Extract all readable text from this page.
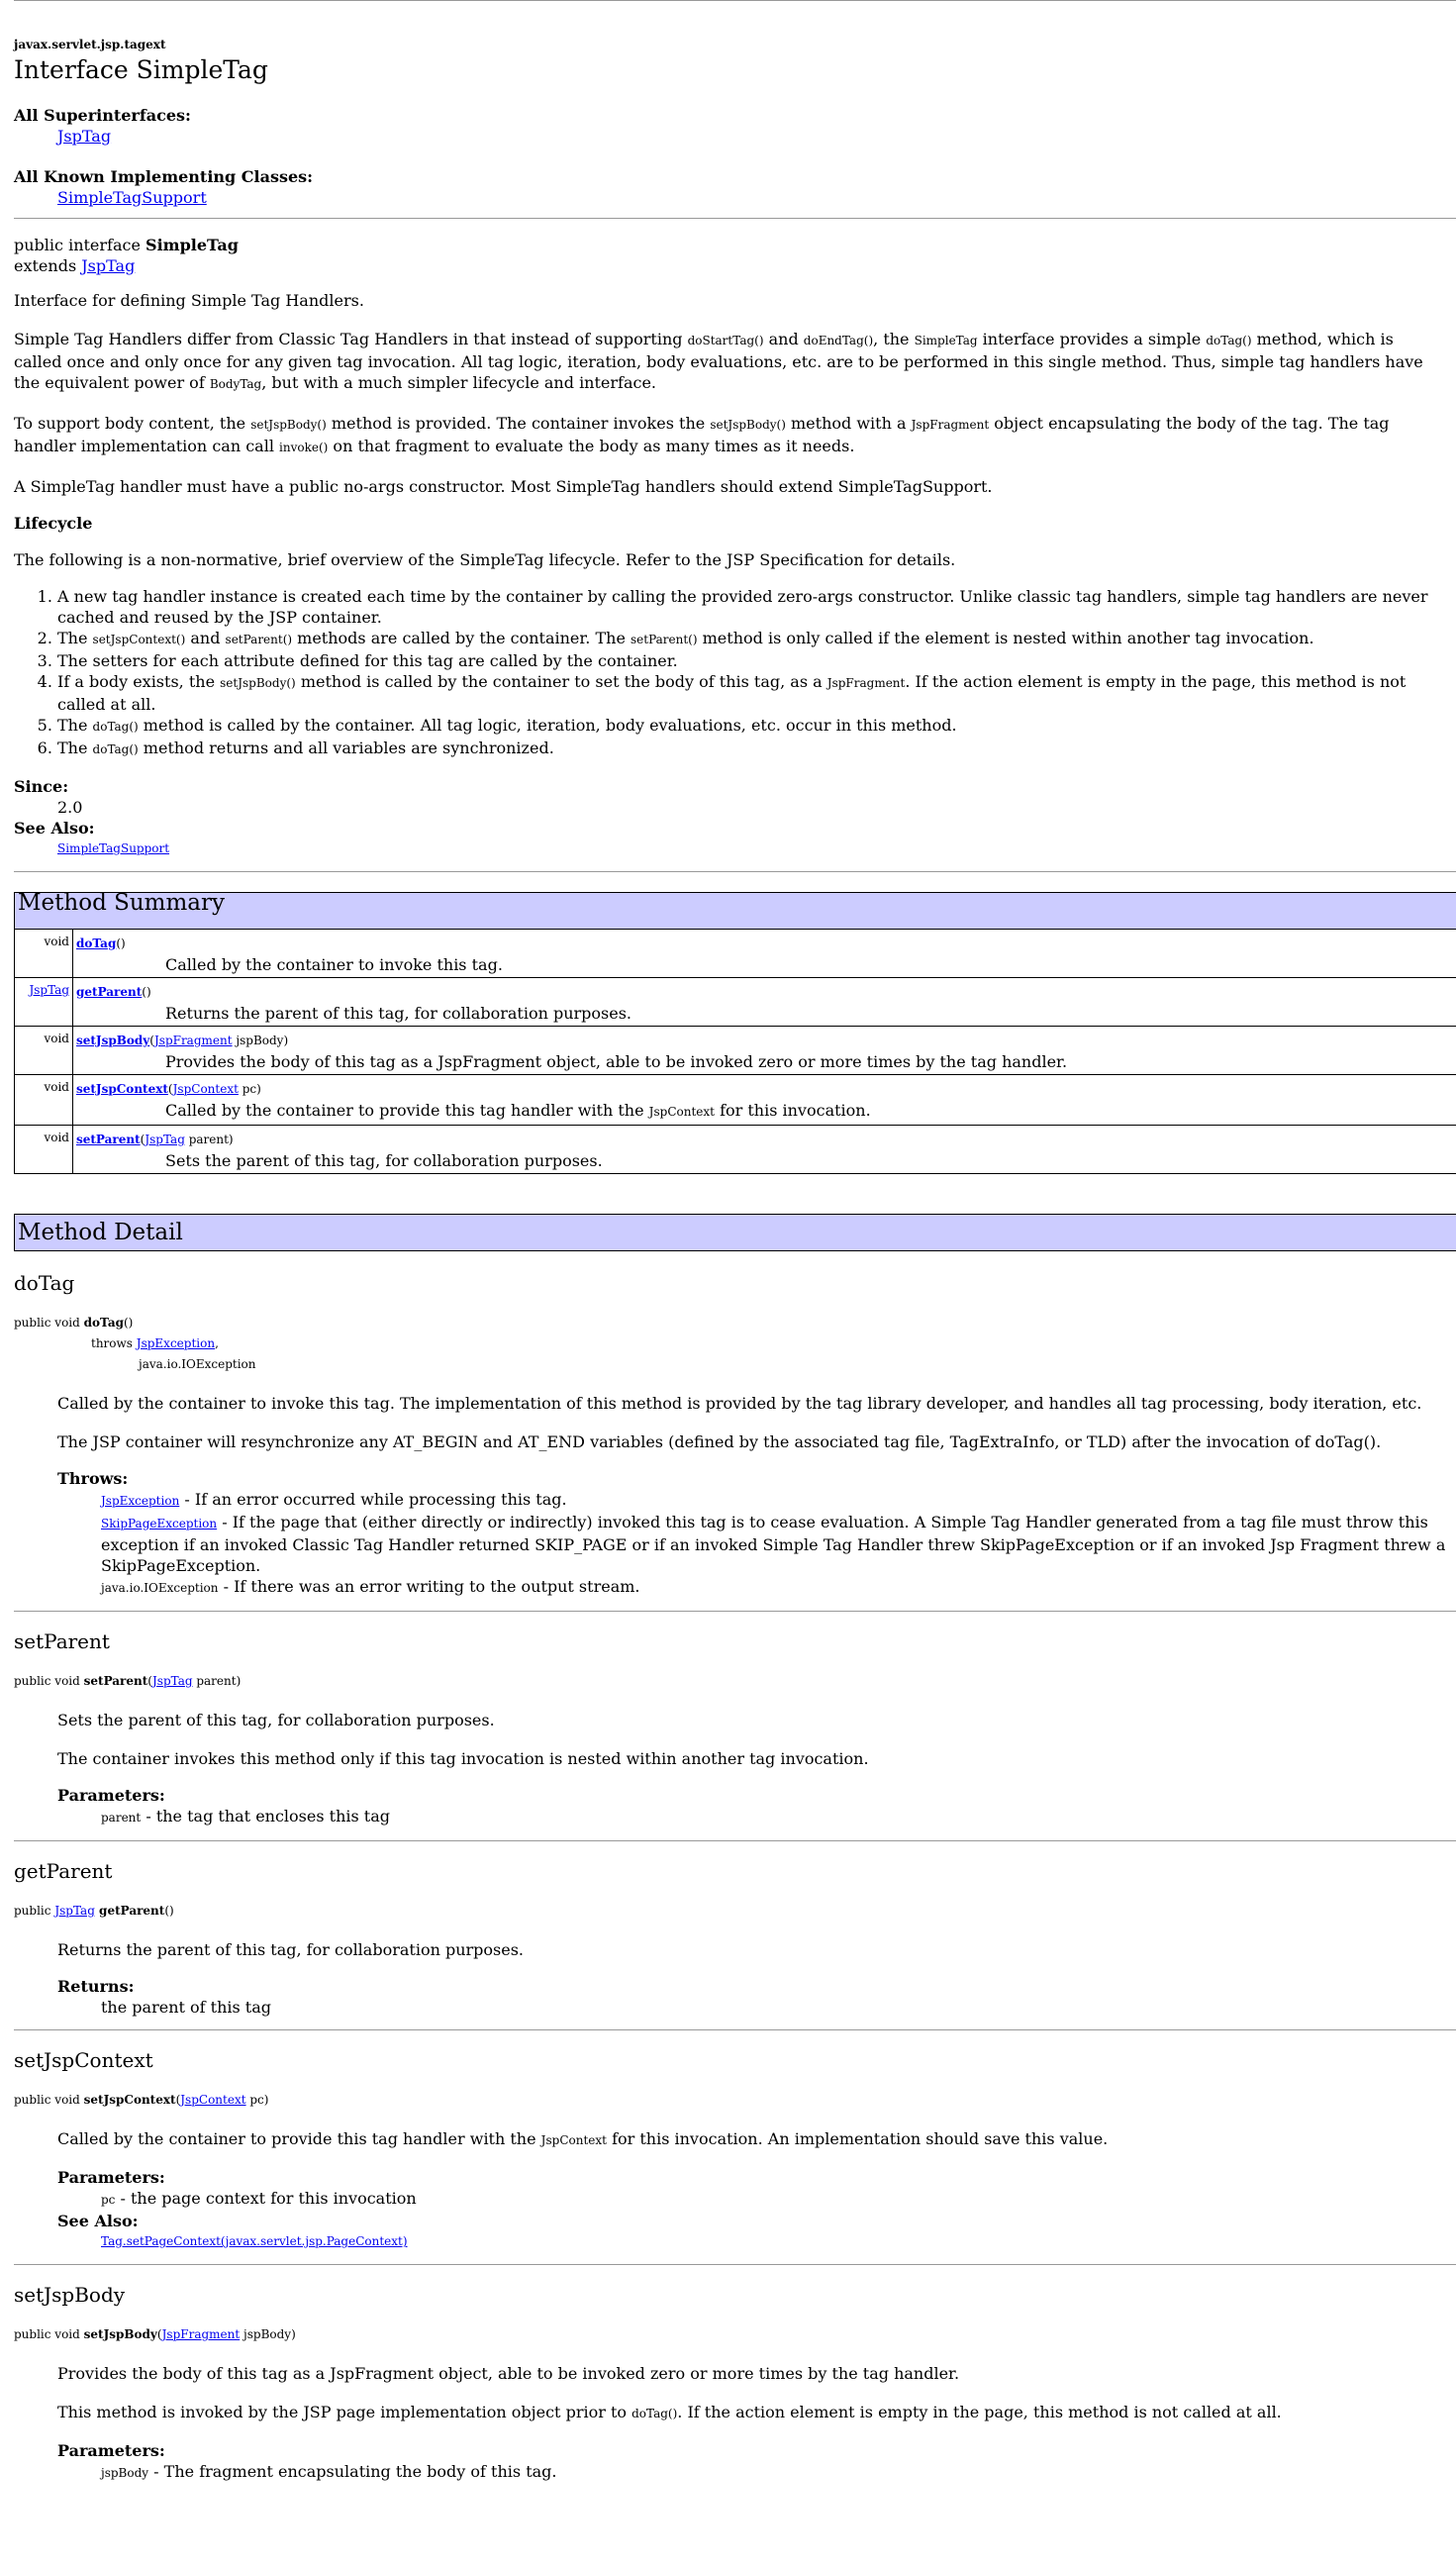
javax.servlet.jsp.tagext
Interface SimpleTag
All Superinterfaces:
JspTag
All Known Implementing Classes:
SimpleTagSupport
public interface SimpleTag
extends JspTag
Interface for defining Simple Tag Handlers.
Simple Tag Handlers differ from Classic Tag Handlers in that instead of supporting doStartTag() and doEndTag(), the SimpleTag interface provides a simple doTag() method, which is called once and only once for any given tag invocation. All tag logic, iteration, body evaluations, etc. are to be performed in this single method. Thus, simple tag handlers have the equivalent power of BodyTag, but with a much simpler lifecycle and interface.
To support body content, the setJspBody() method is provided. The container invokes the setJspBody() method with a JspFragment object encapsulating the body of the tag. The tag handler implementation can call invoke() on that fragment to evaluate the body as many times as it needs.
A SimpleTag handler must have a public no-args constructor. Most SimpleTag handlers should extend SimpleTagSupport.
Lifecycle
The following is a non-normative, brief overview of the SimpleTag lifecycle. Refer to the JSP Specification for details.
1. A new tag handler instance is created each time by the container by calling the provided zero-args constructor. Unlike classic tag handlers, simple tag handlers are never cached and reused by the JSP container.
2. The setJspContext() and setParent() methods are called by the container. The setParent() method is only called if the element is nested within another tag invocation.
3. The setters for each attribute defined for this tag are called by the container.
4. If a body exists, the setJspBody() method is called by the container to set the body of this tag, as a JspFragment. If the action element is empty in the page, this method is not called at all.
5. The doTag() method is called by the container. All tag logic, iteration, body evaluations, etc. occur in this method.
6. The doTag() method returns and all variables are synchronized.
Since:
2.0
See Also:
SimpleTagSupport
Method Summary	
void	doTag()
Called by the container to invoke this tag.

JspTag	getParent()
Returns the parent of this tag, for collaboration purposes.

void	setJspBody(JspFragment jspBody)
Provides the body of this tag as a JspFragment object, able to be invoked zero or more times by the tag handler.

void	setJspContext(JspContext pc)
Called by the container to provide this tag handler with the JspContext for this invocation.

void	setParent(JspTag parent)
Sets the parent of this tag, for collaboration purposes.
Method Detail
doTag
public void doTag()
throws JspException,
java.io.IOException
Called by the container to invoke this tag. The implementation of this method is provided by the tag library developer, and handles all tag processing, body iteration, etc.
The JSP container will resynchronize any AT_BEGIN and AT_END variables (defined by the associated tag file, TagExtraInfo, or TLD) after the invocation of doTag().
Throws:
JspException - If an error occurred while processing this tag.
SkipPageException - If the page that (either directly or indirectly) invoked this tag is to cease evaluation. A Simple Tag Handler generated from a tag file must throw this exception if an invoked Classic Tag Handler returned SKIP_PAGE or if an invoked Simple Tag Handler threw SkipPageException or if an invoked Jsp Fragment threw a SkipPageException.
java.io.IOException - If there was an error writing to the output stream.
setParent
public void setParent(JspTag parent)
Sets the parent of this tag, for collaboration purposes.
The container invokes this method only if this tag invocation is nested within another tag invocation.
Parameters:
parent - the tag that encloses this tag
getParent
public JspTag getParent()
Returns the parent of this tag, for collaboration purposes.
Returns:
the parent of this tag
setJspContext
public void setJspContext(JspContext pc)
Called by the container to provide this tag handler with the JspContext for this invocation. An implementation should save this value.
Parameters:
pc - the page context for this invocation
See Also:
Tag.setPageContext(javax.servlet.jsp.PageContext)
setJspBody
public void setJspBody(JspFragment jspBody)
Provides the body of this tag as a JspFragment object, able to be invoked zero or more times by the tag handler.
This method is invoked by the JSP page implementation object prior to doTag(). If the action element is empty in the page, this method is not called at all.
Parameters:
jspBody - The fragment encapsulating the body of this tag.
